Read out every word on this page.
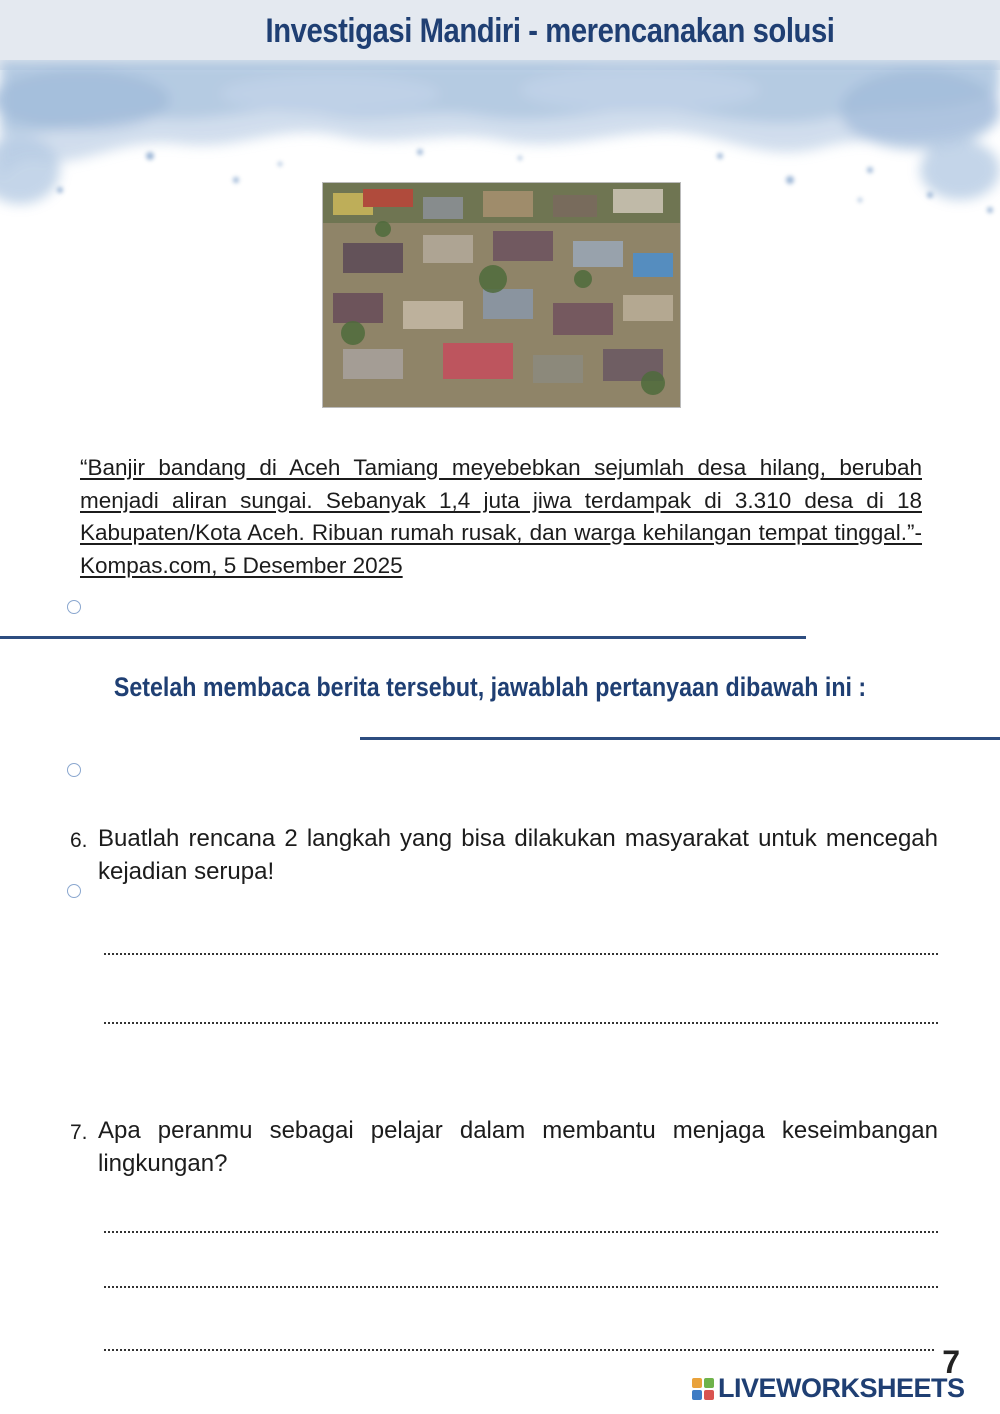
Investigasi Mandiri - merencanakan solusi
“Banjir bandang di Aceh Tamiang meyebebkan sejumlah desa hilang, berubah menjadi aliran sungai. Sebanyak 1,4 juta jiwa terdampak di 3.310 desa di 18 Kabupaten/Kota Aceh. Ribuan rumah rusak, dan warga kehilangan tempat tinggal.”- Kompas.com, 5 Desember 2025
Setelah membaca berita tersebut, jawablah pertanyaan dibawah ini :
6. Buatlah rencana 2 langkah yang bisa dilakukan masyarakat untuk mencegah kejadian serupa!
7. Apa peranmu sebagai pelajar dalam membantu menjaga keseimbangan lingkungan?
7
LIVEWORKSHEETS
